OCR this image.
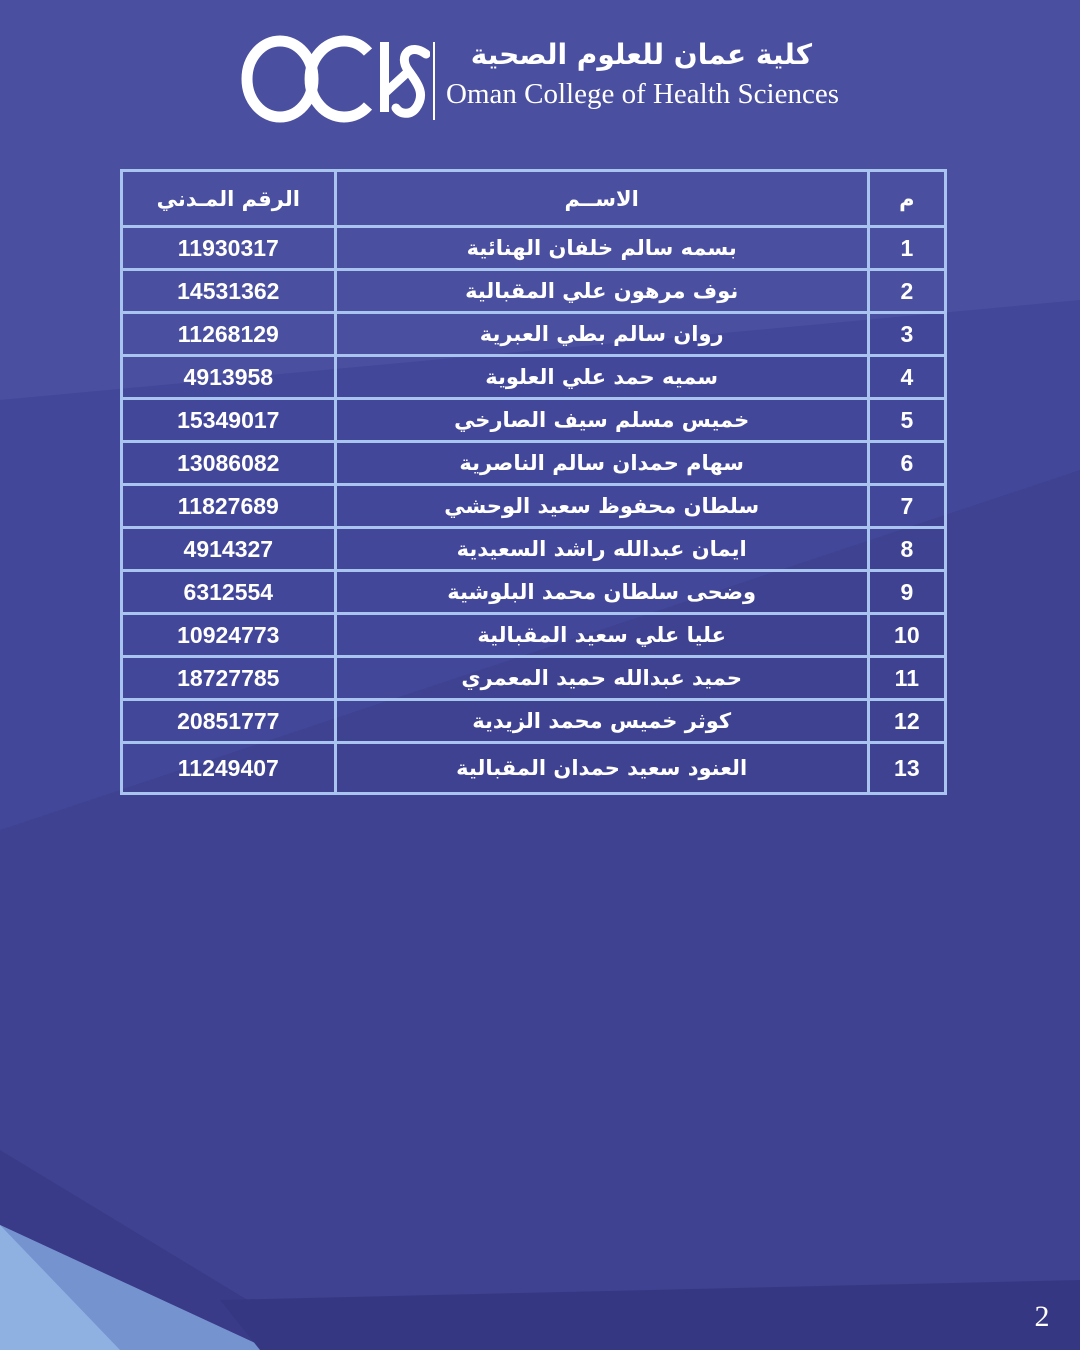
كلية عمان للعلوم الصحية
Oman College of Health Sciences
م	الاســم	الرقم المـدني
1	بسمه سالم خلفان الهنائية	11930317
2	نوف مرهون علي المقبالية	14531362
3	روان سالم بطي العبرية	11268129
4	سميه حمد علي العلوية	4913958
5	خميس مسلم سيف الصارخي	15349017
6	سهام حمدان سالم الناصرية	13086082
7	سلطان محفوظ سعيد الوحشي	11827689
8	ايمان عبدالله راشد السعيدية	4914327
9	وضحى سلطان محمد البلوشية	6312554
10	عليا علي سعيد المقبالية	10924773
11	حميد عبدالله حميد المعمري	18727785
12	كوثر خميس محمد الزيدية	20851777
13	العنود سعيد حمدان المقبالية	11249407
2
